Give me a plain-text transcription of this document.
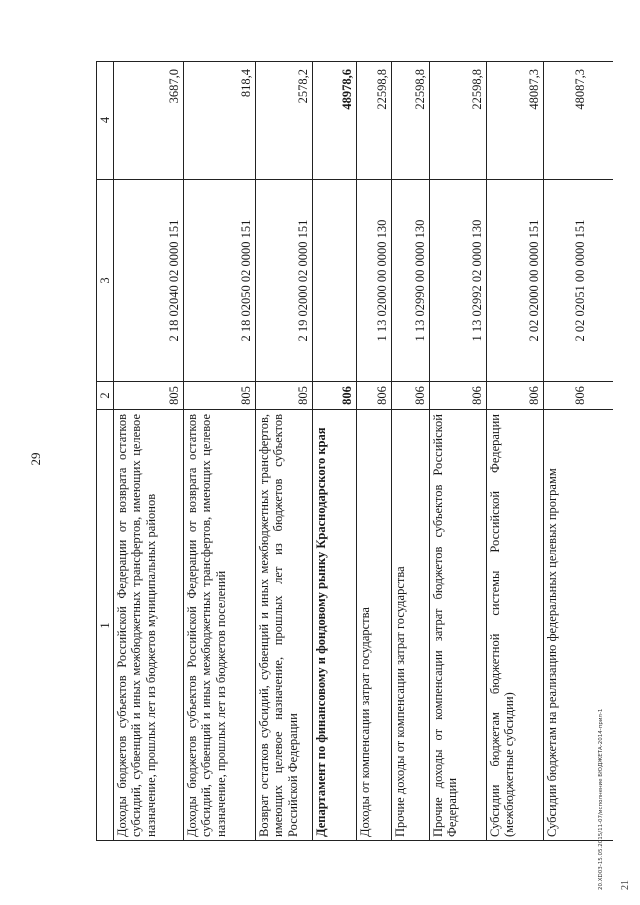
29
1
2
3
4
Доходы бюджетов субъектов Российской Федерации от возврата остатков субсидий, субвенций и иных межбюджетных трансфертов, имеющих целевое назначение, прошлых лет из бюджетов муниципальных районов
805
2 18 02040 02 0000 151
3687,0
Доходы бюджетов субъектов Российской Федерации от возврата остатков субсидий, субвенций и иных межбюджетных трансфертов, имеющих целевое назначение, прошлых лет из бюджетов поселений
805
2 18 02050 02 0000 151
818,4
Возврат остатков субсидий, субвенций и иных межбюджетных трансфертов, имеющих целевое назначение, прошлых лет из бюджетов субъектов Российской Федерации
805
2 19 02000 02 0000 151
2578,2
Департамент по финансовому и фондовому рынку Краснодарского края
806
48978,6
Доходы от компенсации затрат государства
806
1 13 02000 00 0000 130
22598,8
Прочие доходы от компенсации затрат государства
806
1 13 02990 00 0000 130
22598,8
Прочие доходы от компенсации затрат бюджетов субъектов Российской Федерации
806
1 13 02992 02 0000 130
22598,8
Субсидии бюджетам бюджетной системы Российской Федерации (межбюджетные субсидии)
806
2 02 02000 00 0000 151
48087,3
Субсидии бюджетам на реализацию федеральных целевых программ
806
2 02 02051 00 0000 151
48087,3
20.XD03-15.05.2015/11-07/исполнение БЮДЖЕТА-2014-прил-1 21
